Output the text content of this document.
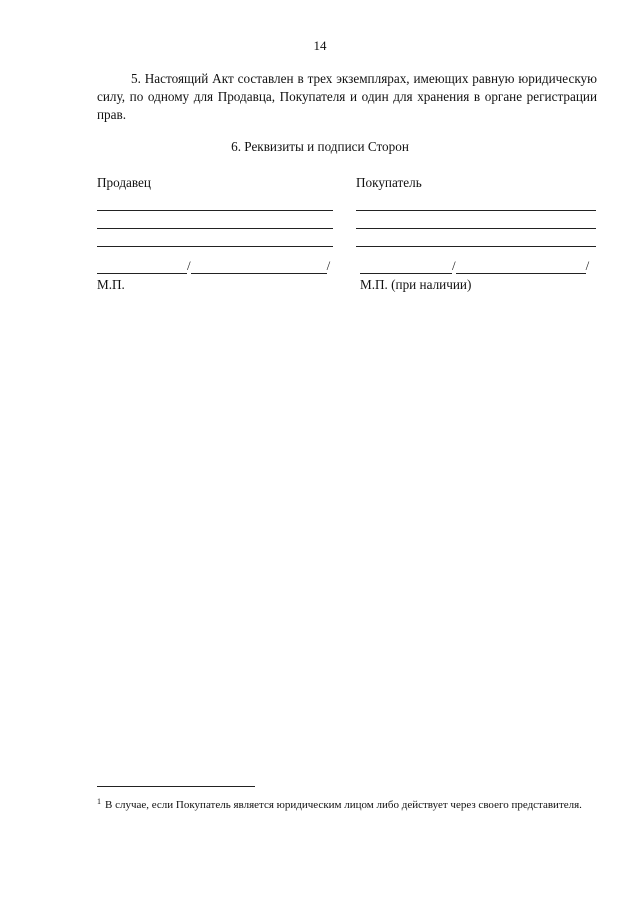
14
5. Настоящий Акт составлен в трех экземплярах, имеющих равную юридическую силу, по одному для Продавца, Покупателя и один для хранения в органе регистрации прав.
6. Реквизиты и подписи Сторон
Продавец	Покупатель
/	/	/	/
М.П.	М.П. (при наличии)
$^1$ В случае, если Покупатель является юридическим лицом либо действует через своего представителя.
